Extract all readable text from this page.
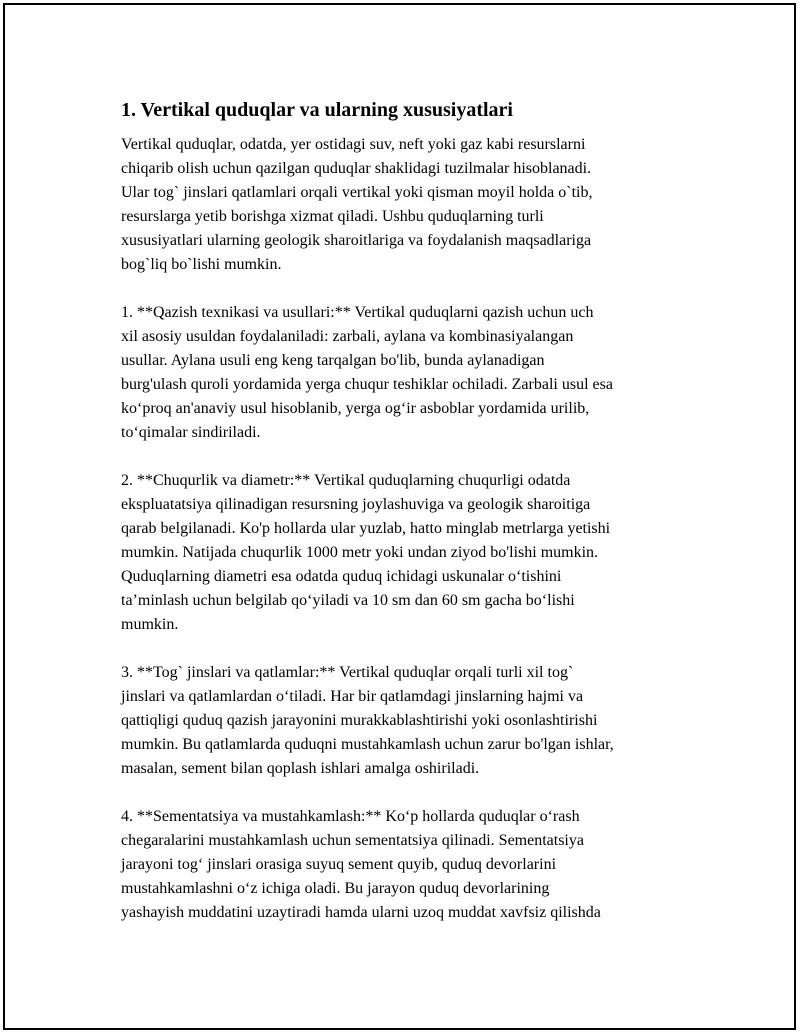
1. Vertikal quduqlar va ularning xususiyatlari
Vertikal quduqlar, odatda, yer ostidagi suv, neft yoki gaz kabi resurslarni
chiqarib olish uchun qazilgan quduqlar shaklidagi tuzilmalar hisoblanadi.
Ular tog` jinslari qatlamlari orqali vertikal yoki qisman moyil holda o`tib,
resurslarga yetib borishga xizmat qiladi. Ushbu quduqlarning turli
xususiyatlari ularning geologik sharoitlariga va foydalanish maqsadlariga
bog`liq bo`lishi mumkin.
1. **Qazish texnikasi va usullari:** Vertikal quduqlarni qazish uchun uch
xil asosiy usuldan foydalaniladi: zarbali, aylana va kombinasiyalangan
usullar. Aylana usuli eng keng tarqalgan bo'lib, bunda aylanadigan
burg'ulash quroli yordamida yerga chuqur teshiklar ochiladi. Zarbali usul esa
ko‘proq an'anaviy usul hisoblanib, yerga og‘ir asboblar yordamida urilib,
to‘qimalar sindiriladi.
2. **Chuqurlik va diametr:** Vertikal quduqlarning chuqurligi odatda
ekspluatatsiya qilinadigan resursning joylashuviga va geologik sharoitiga
qarab belgilanadi. Ko'p hollarda ular yuzlab, hatto minglab metrlarga yetishi
mumkin. Natijada chuqurlik 1000 metr yoki undan ziyod bo'lishi mumkin.
Quduqlarning diametri esa odatda quduq ichidagi uskunalar o‘tishini
ta’minlash uchun belgilab qo‘yiladi va 10 sm dan 60 sm gacha bo‘lishi
mumkin.
3. **Tog` jinslari va qatlamlar:** Vertikal quduqlar orqali turli xil tog`
jinslari va qatlamlardan o‘tiladi. Har bir qatlamdagi jinslarning hajmi va
qattiqligi quduq qazish jarayonini murakkablashtirishi yoki osonlashtirishi
mumkin. Bu qatlamlarda quduqni mustahkamlash uchun zarur bo'lgan ishlar,
masalan, sement bilan qoplash ishlari amalga oshiriladi.
4. **Sementatsiya va mustahkamlash:** Ko‘p hollarda quduqlar o‘rash
chegaralarini mustahkamlash uchun sementatsiya qilinadi. Sementatsiya
jarayoni tog‘ jinslari orasiga suyuq sement quyib, quduq devorlarini
mustahkamlashni o‘z ichiga oladi. Bu jarayon quduq devorlarining
yashayish muddatini uzaytiradi hamda ularni uzoq muddat xavfsiz qilishda
